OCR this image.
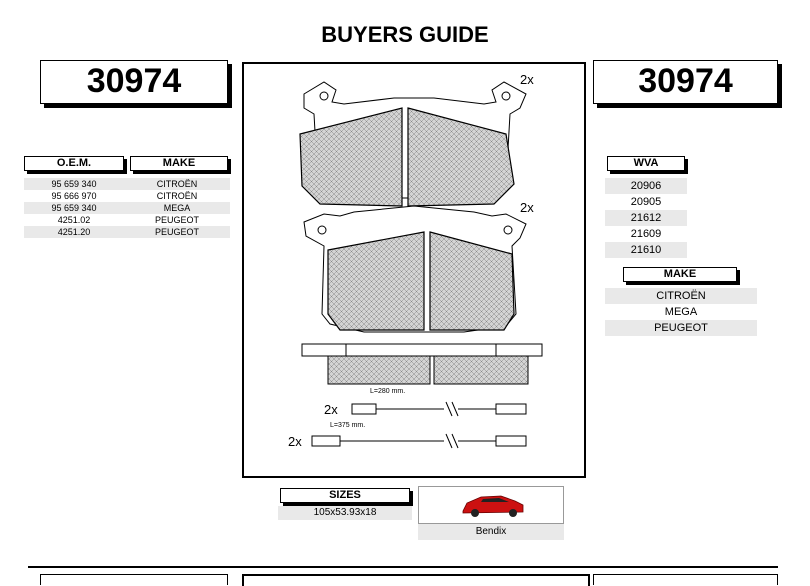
BUYERS GUIDE
30974	30974
O.E.M.	MAKE
95 659 340	CITROËN
95 666 970	CITROËN
95 659 340	MEGA
4251.02	PEUGEOT
4251.20	PEUGEOT
WVA
20906
20905
21612
21609
21610
MAKE
CITROËN
MEGA
PEUGEOT
2x
2x
L=280 mm.
2x
L=375 mm.
2x
SIZES
105x53.93x18
Bendix
